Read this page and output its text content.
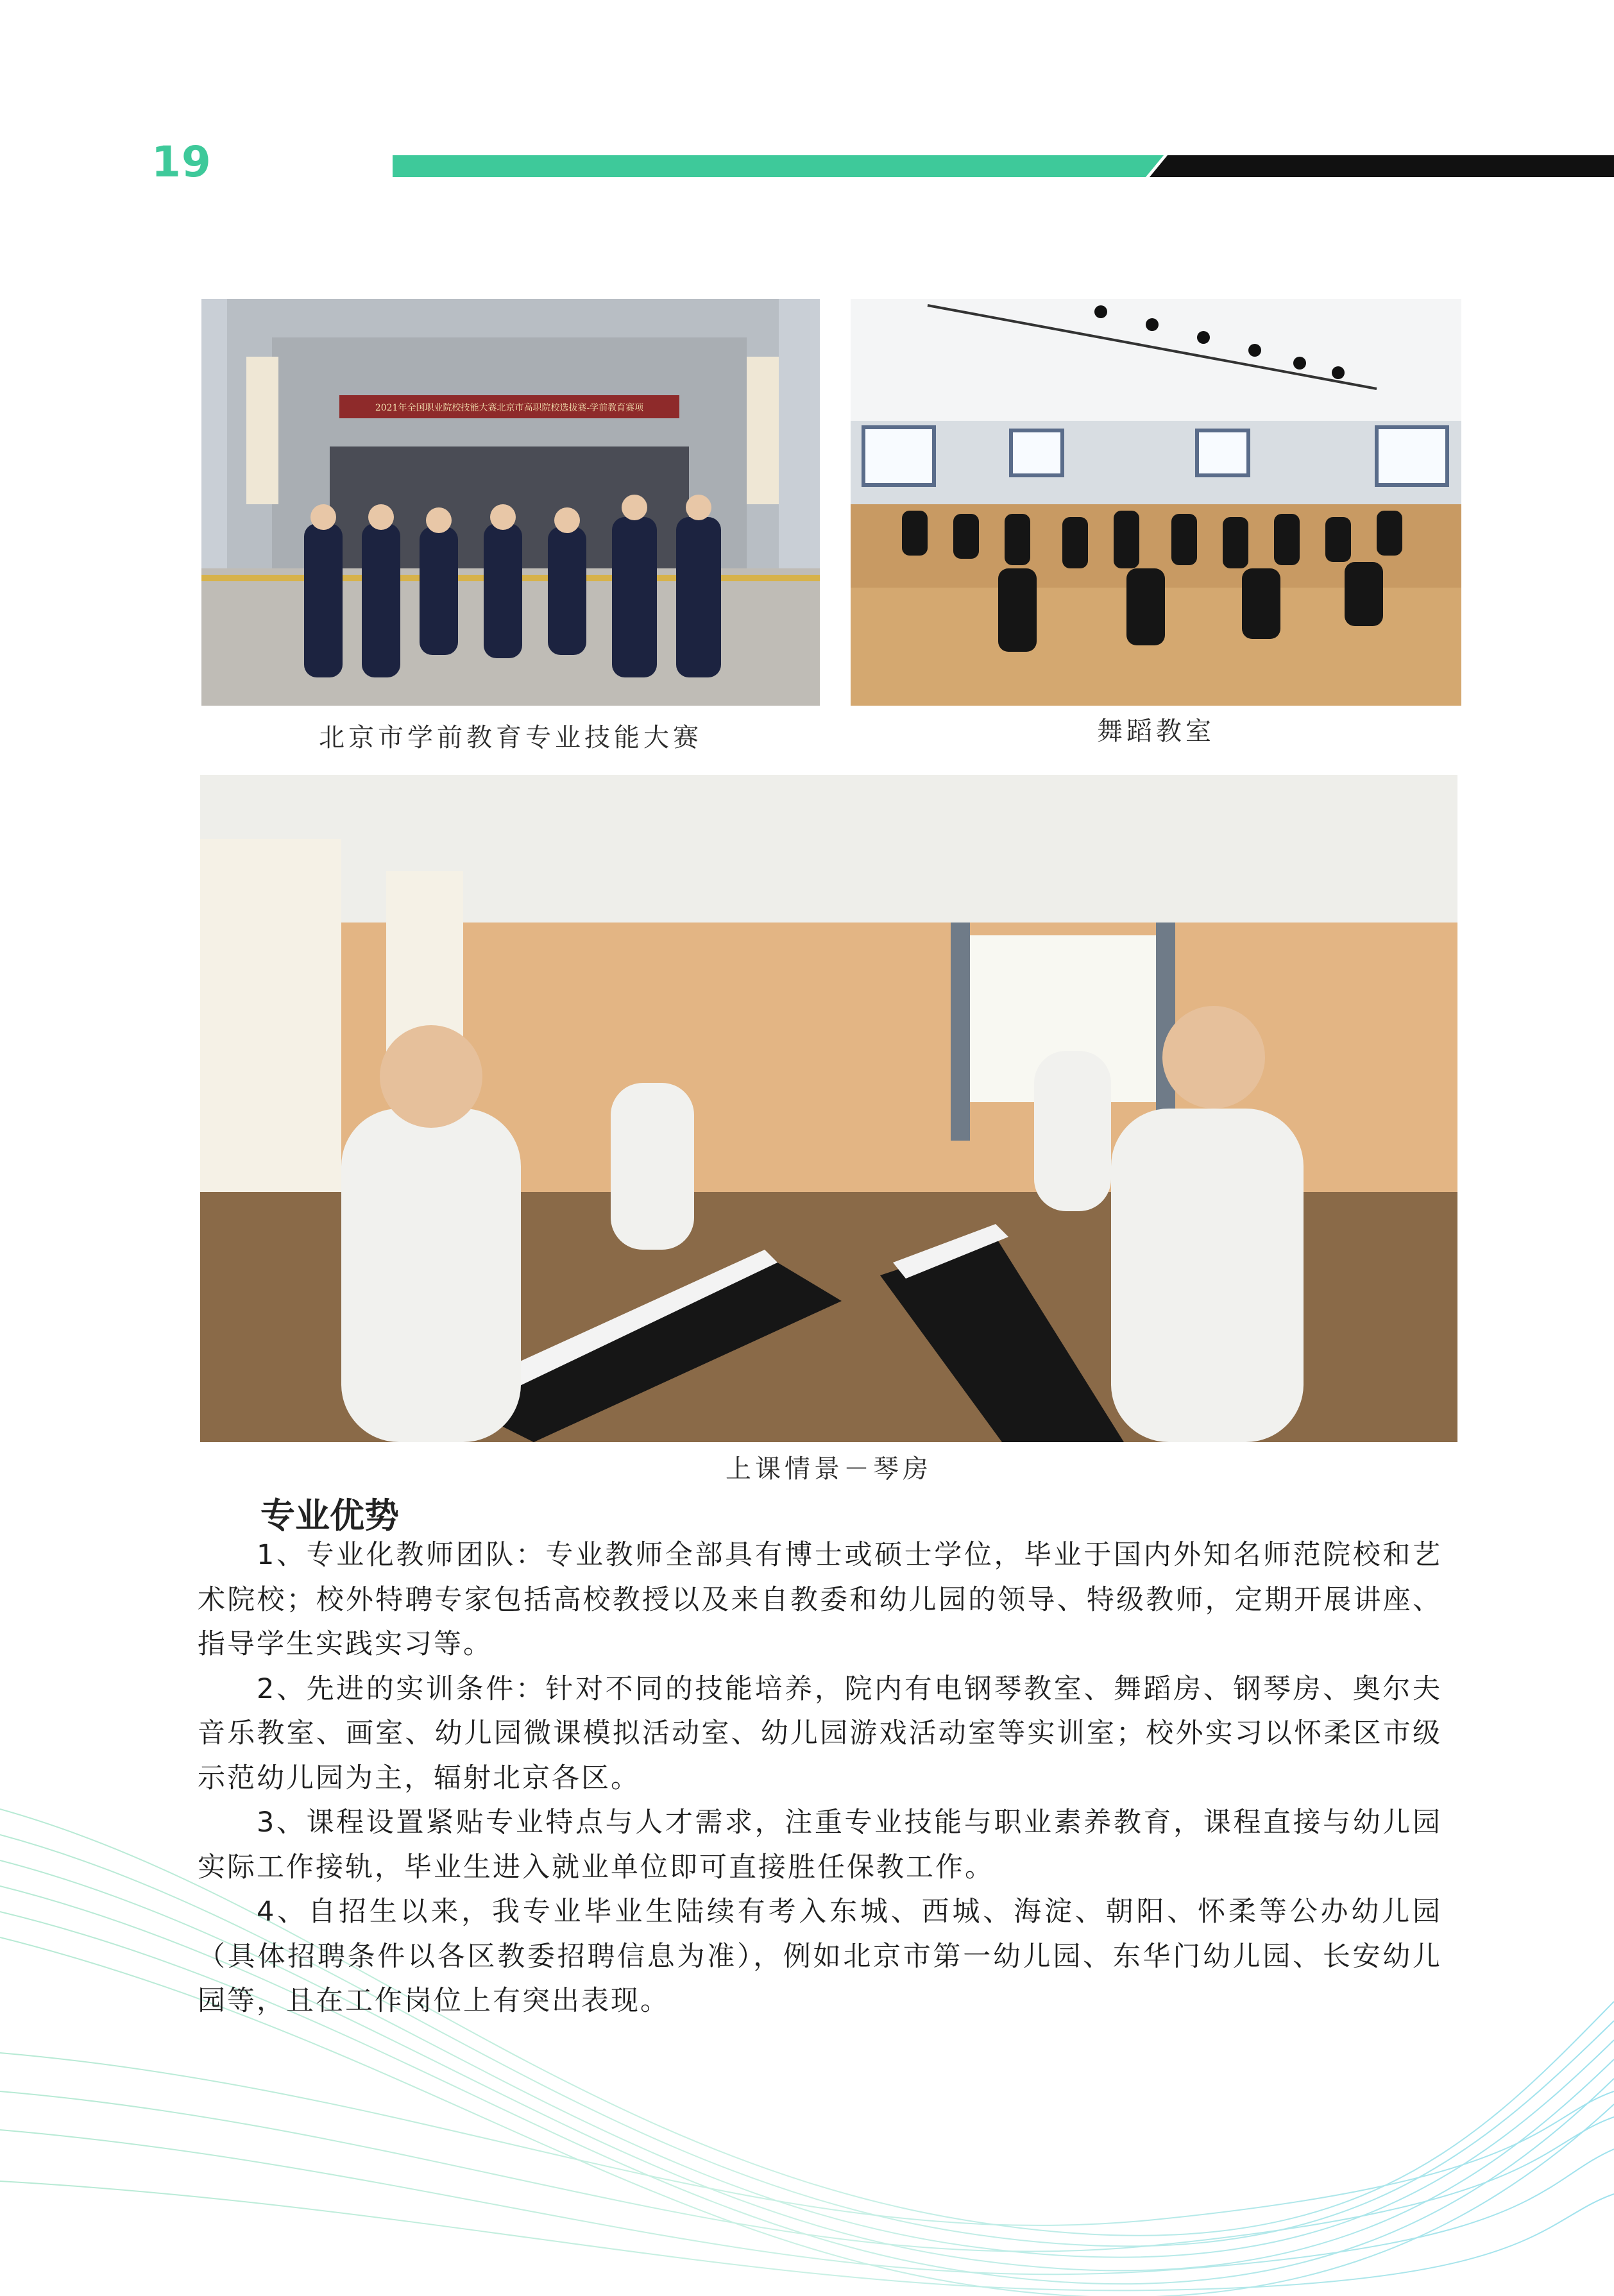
19
2021年全国职业院校技能大赛北京市高职院校选拔赛-学前教育赛项
北京市学前教育专业技能大赛	舞蹈教室
上课情景－琴房
专业优势

1、专业化教师团队：专业教师全部具有博士或硕士学位，毕业于国内外知名师范院校和艺术院校；校外特聘专家包括高校教授以及来自教委和幼儿园的领导、特级教师，定期开展讲座、指导学生实践实习等。

2、先进的实训条件：针对不同的技能培养，院内有电钢琴教室、舞蹈房、钢琴房、奥尔夫音乐教室、画室、幼儿园微课模拟活动室、幼儿园游戏活动室等实训室；校外实习以怀柔区市级示范幼儿园为主，辐射北京各区。

3、课程设置紧贴专业特点与人才需求，注重专业技能与职业素养教育，课程直接与幼儿园实际工作接轨，毕业生进入就业单位即可直接胜任保教工作。

4、自招生以来，我专业毕业生陆续有考入东城、西城、海淀、朝阳、怀柔等公办幼儿园（具体招聘条件以各区教委招聘信息为准），例如北京市第一幼儿园、东华门幼儿园、长安幼儿园等，且在工作岗位上有突出表现。
